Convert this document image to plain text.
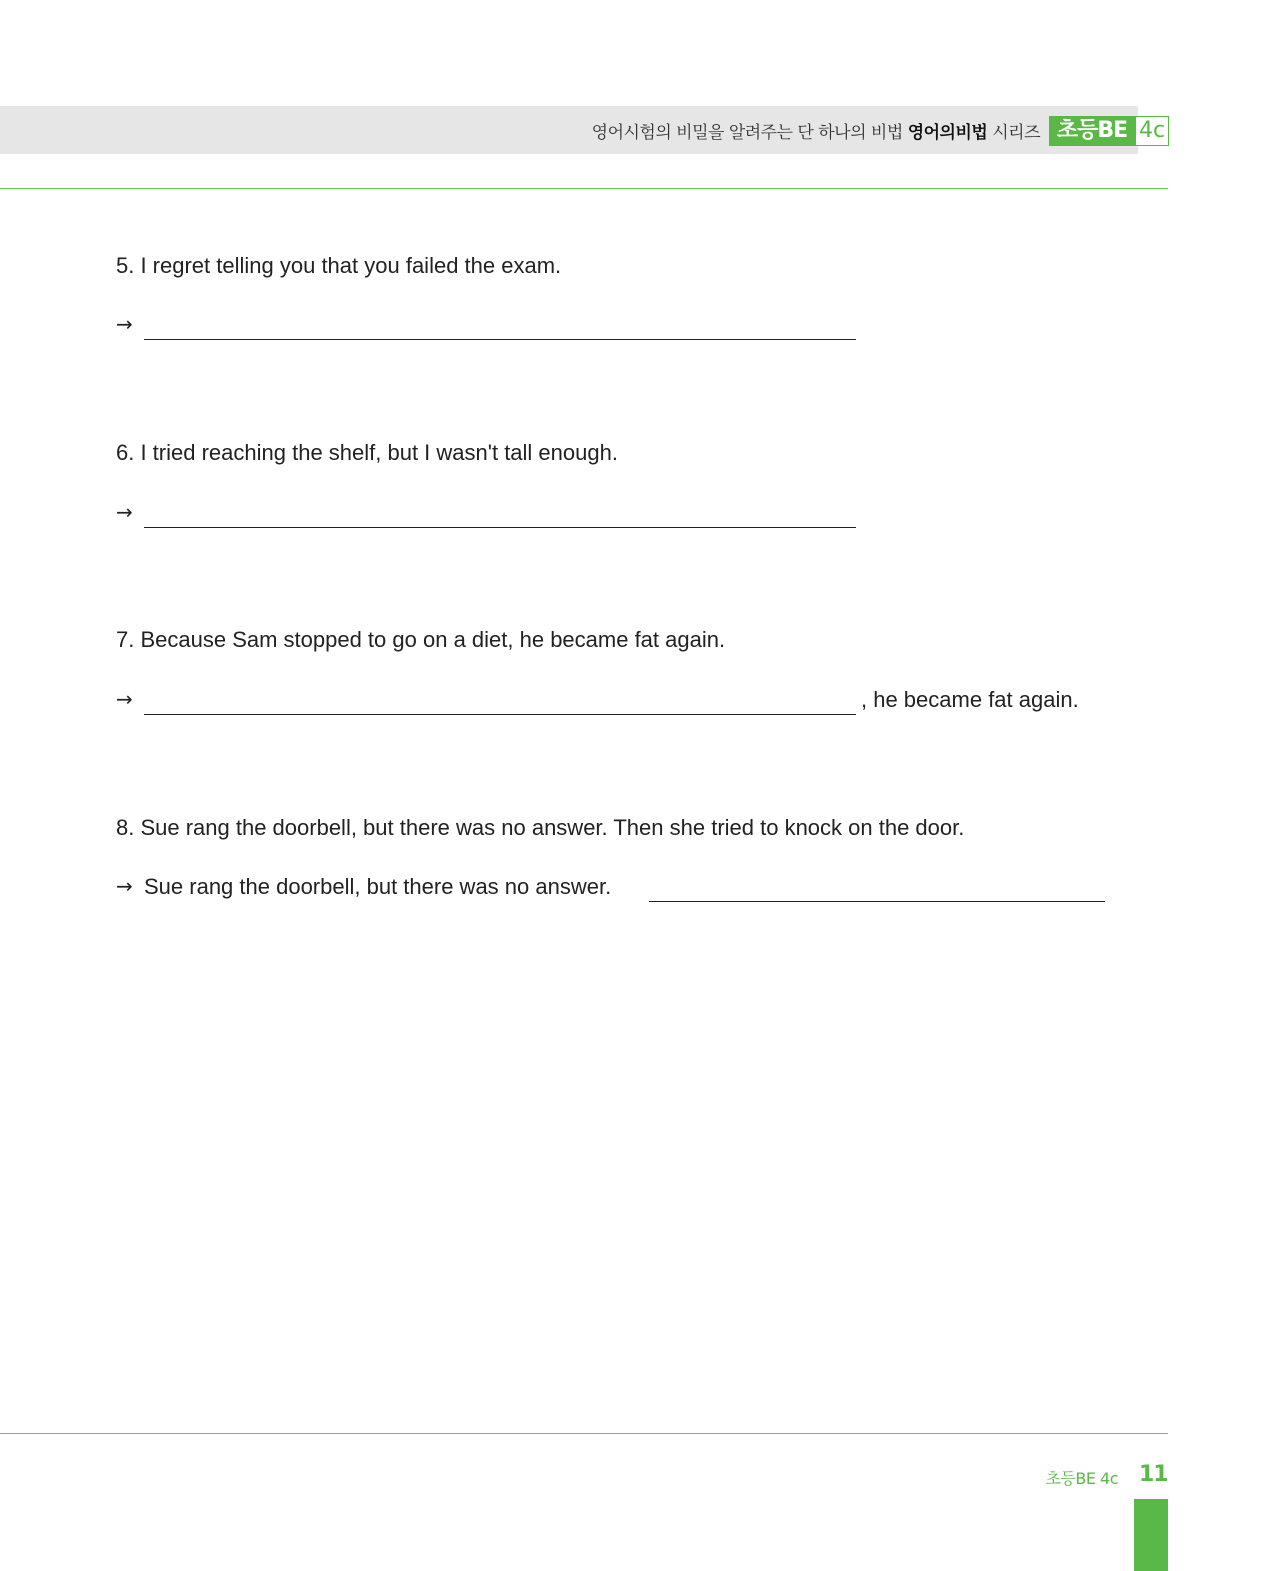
영어시험의 비밀을 알려주는 단 하나의 비법 영어의비법 시리즈 초등BE 4c
5. I regret telling you that you failed the exam.
→
6. I tried reaching the shelf, but I wasn't tall enough.
→
7. Because Sam stopped to go on a diet, he became fat again.
→	, he became fat again.
8. Sue rang the doorbell, but there was no answer. Then she tried to knock on the door.
→ Sue rang the doorbell, but there was no answer.
초등BE 4c 11
